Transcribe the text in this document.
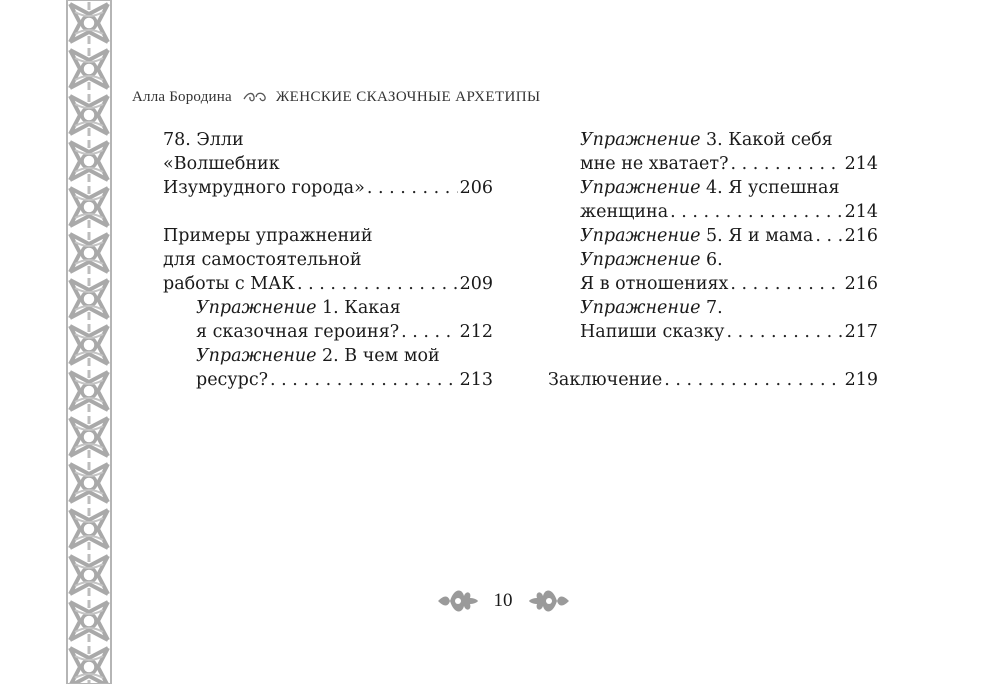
Алла Бородина	ЖЕНСКИЕ СКАЗОЧНЫЕ АРХЕТИПЫ
78. Элли
«Волшебник
Изумрудного города» . . .	206
Примеры упражнений
для самостоятельной
работы с МАК . . .	209
Упражнение 1. Какая
я сказочная героиня? . . .	212
Упражнение 2. В чем мой
ресурс? . . .	213
Упражнение 3. Какой себя
мне не хватает? . . .	214
Упражнение 4. Я успешная
женщина . . .	214
Упражнение 5. Я и мама . . . 216
Упражнение 6.
Я в отношениях . . .	216
Упражнение 7.
Напиши сказку . . .	217
Заключение . . .	219
10
